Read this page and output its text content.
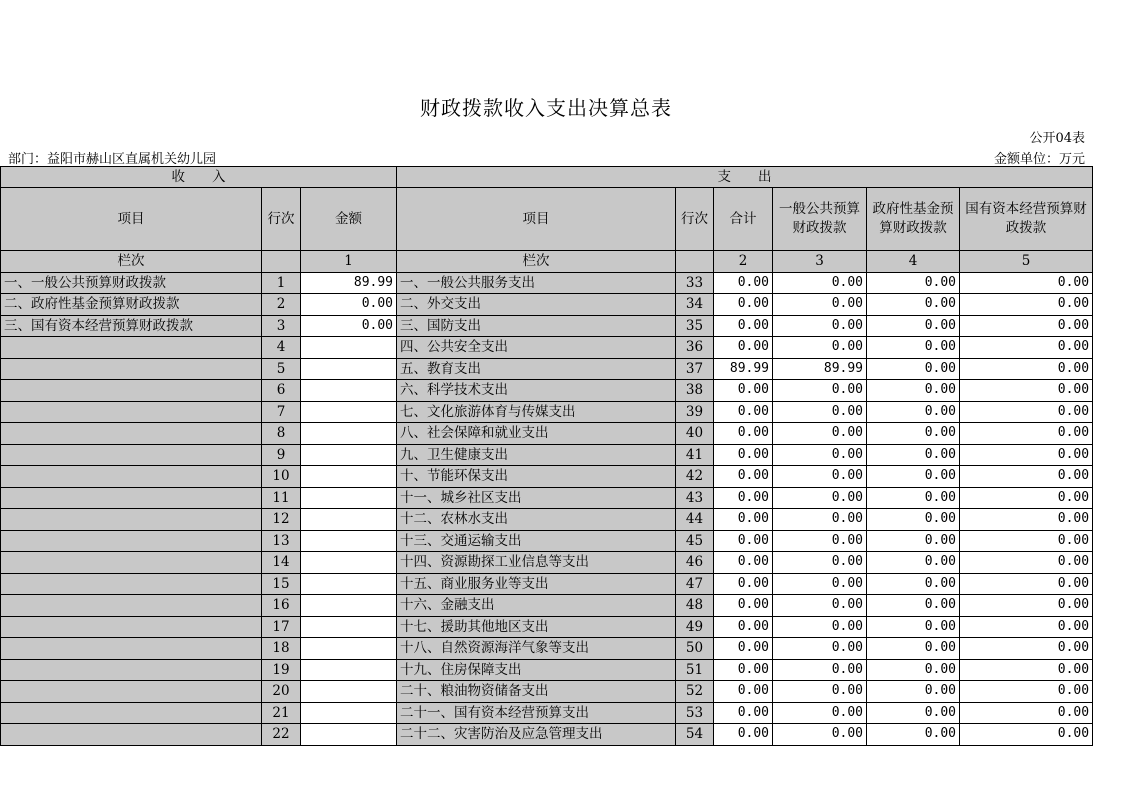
财政拨款收入支出决算总表
公开04表
部门：益阳市赫山区直属机关幼儿园	金额单位：万元
收　　入			支　　出					
项目	行次	金额	项目	行次	合计	一般公共预算财政拨款	政府性基金预算财政拨款	国有资本经营预算财政拨款
栏次		1	栏次		2	3	4	5
一、一般公共预算财政拨款	1	89.99	一、一般公共服务支出	33	0.00	0.00	0.00	0.00
二、政府性基金预算财政拨款	2	0.00	二、外交支出	34	0.00	0.00	0.00	0.00
三、国有资本经营预算财政拨款	3	0.00	三、国防支出	35	0.00	0.00	0.00	0.00
	4		四、公共安全支出	36	0.00	0.00	0.00	0.00
	5		五、教育支出	37	89.99	89.99	0.00	0.00
	6		六、科学技术支出	38	0.00	0.00	0.00	0.00
	7		七、文化旅游体育与传媒支出	39	0.00	0.00	0.00	0.00
	8		八、社会保障和就业支出	40	0.00	0.00	0.00	0.00
	9		九、卫生健康支出	41	0.00	0.00	0.00	0.00
	10		十、节能环保支出	42	0.00	0.00	0.00	0.00
	11		十一、城乡社区支出	43	0.00	0.00	0.00	0.00
	12		十二、农林水支出	44	0.00	0.00	0.00	0.00
	13		十三、交通运输支出	45	0.00	0.00	0.00	0.00
	14		十四、资源勘探工业信息等支出	46	0.00	0.00	0.00	0.00
	15		十五、商业服务业等支出	47	0.00	0.00	0.00	0.00
	16		十六、金融支出	48	0.00	0.00	0.00	0.00
	17		十七、援助其他地区支出	49	0.00	0.00	0.00	0.00
	18		十八、自然资源海洋气象等支出	50	0.00	0.00	0.00	0.00
	19		十九、住房保障支出	51	0.00	0.00	0.00	0.00
	20		二十、粮油物资储备支出	52	0.00	0.00	0.00	0.00
	21		二十一、国有资本经营预算支出	53	0.00	0.00	0.00	0.00
	22		二十二、灾害防治及应急管理支出	54	0.00	0.00	0.00	0.00
